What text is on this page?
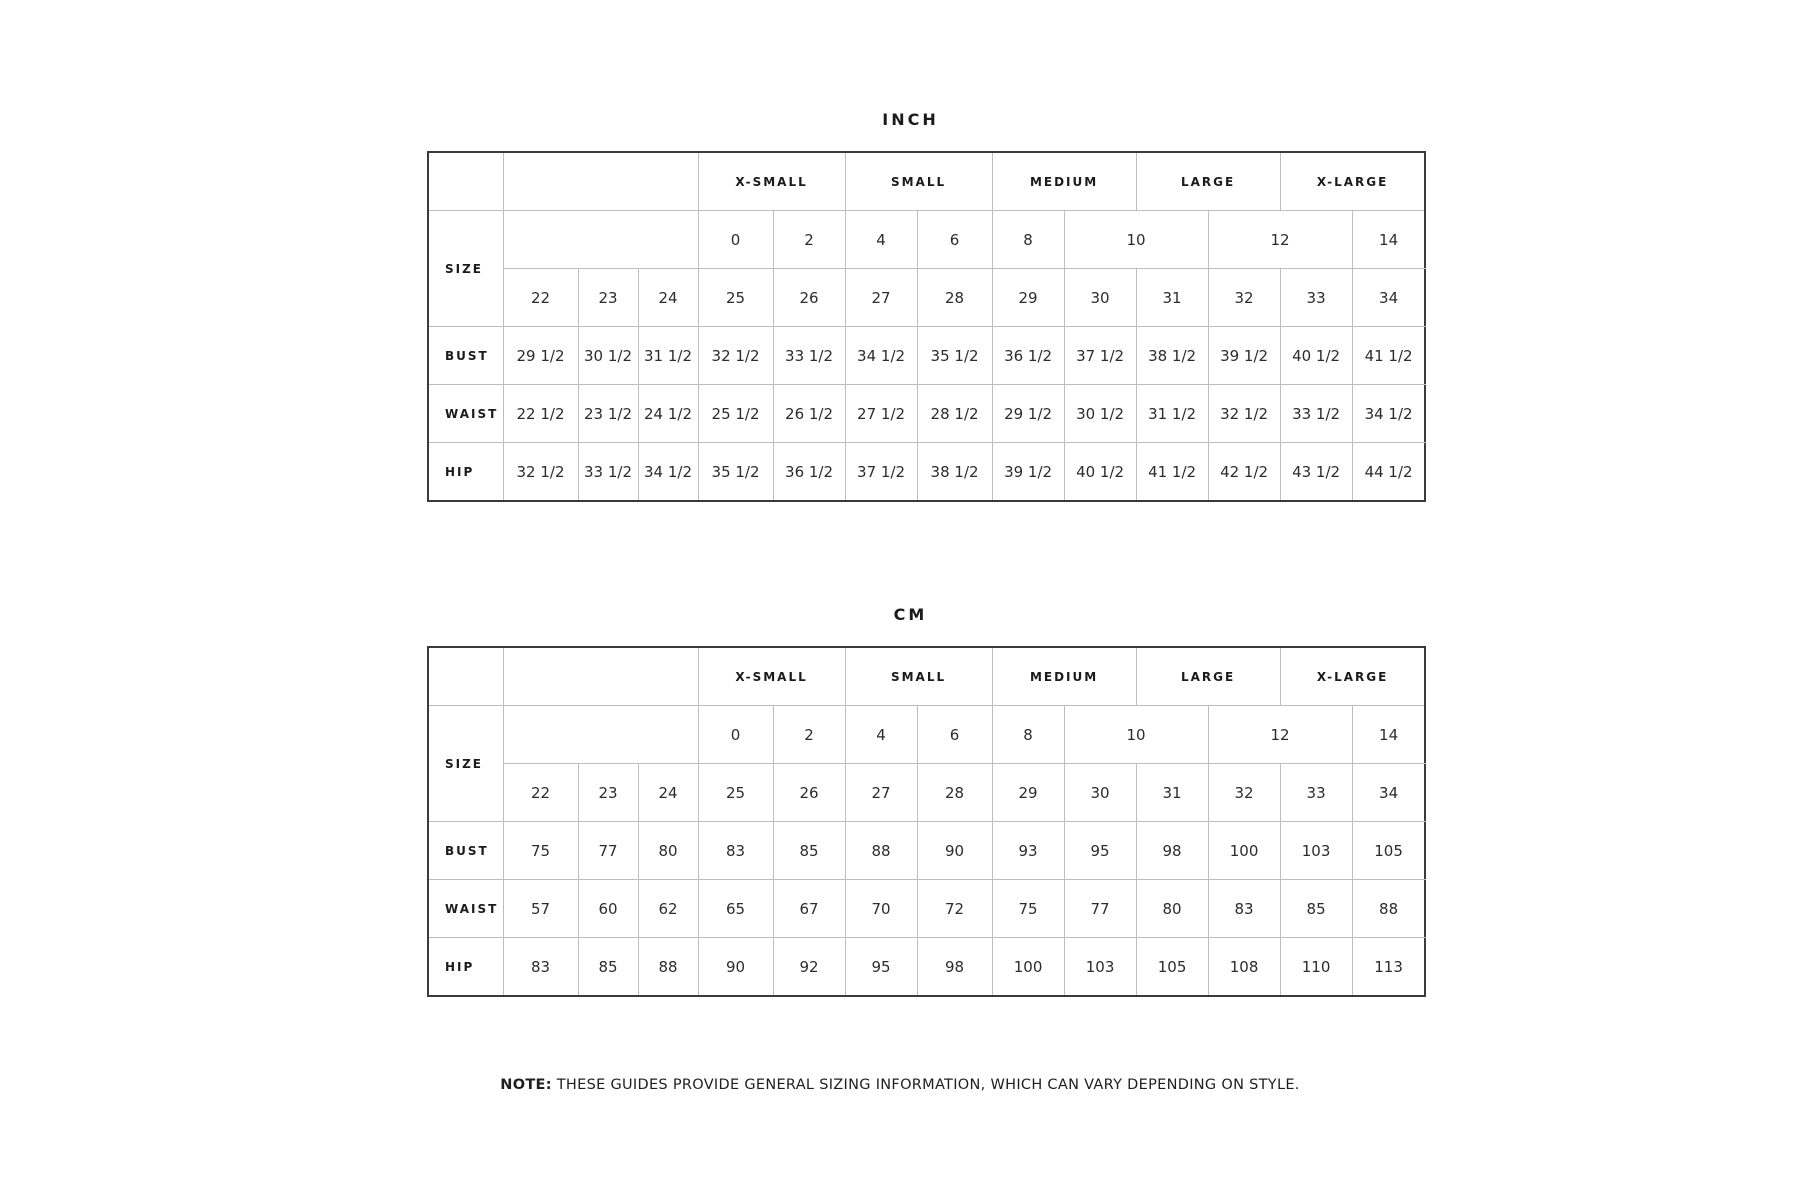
INCH
				X-SMALL		SMALL		MEDIUM		LARGE		X-LARGE		
SIZE				0	2	4	6	8	10		12		14	
	22	23	24	25	26	27	28	29	30	31	32	33	34	
BUST	29 1/2	30 1/2	31 1/2	32 1/2	33 1/2	34 1/2	35 1/2	36 1/2	37 1/2	38 1/2	39 1/2	40 1/2	41 1/2	
WAIST	22 1/2	23 1/2	24 1/2	25 1/2	26 1/2	27 1/2	28 1/2	29 1/2	30 1/2	31 1/2	32 1/2	33 1/2	34 1/2	
HIP	32 1/2	33 1/2	34 1/2	35 1/2	36 1/2	37 1/2	38 1/2	39 1/2	40 1/2	41 1/2	42 1/2	43 1/2	44 1/2	
CM
				X-SMALL		SMALL		MEDIUM		LARGE		X-LARGE		
SIZE				0	2	4	6	8	10		12		14	
	22	23	24	25	26	27	28	29	30	31	32	33	34	
BUST	75	77	80	83	85	88	90	93	95	98	100	103	105	
WAIST	57	60	62	65	67	70	72	75	77	80	83	85	88	
HIP	83	85	88	90	92	95	98	100	103	105	108	110	113	
NOTE: THESE GUIDES PROVIDE GENERAL SIZING INFORMATION, WHICH CAN VARY DEPENDING ON STYLE.
